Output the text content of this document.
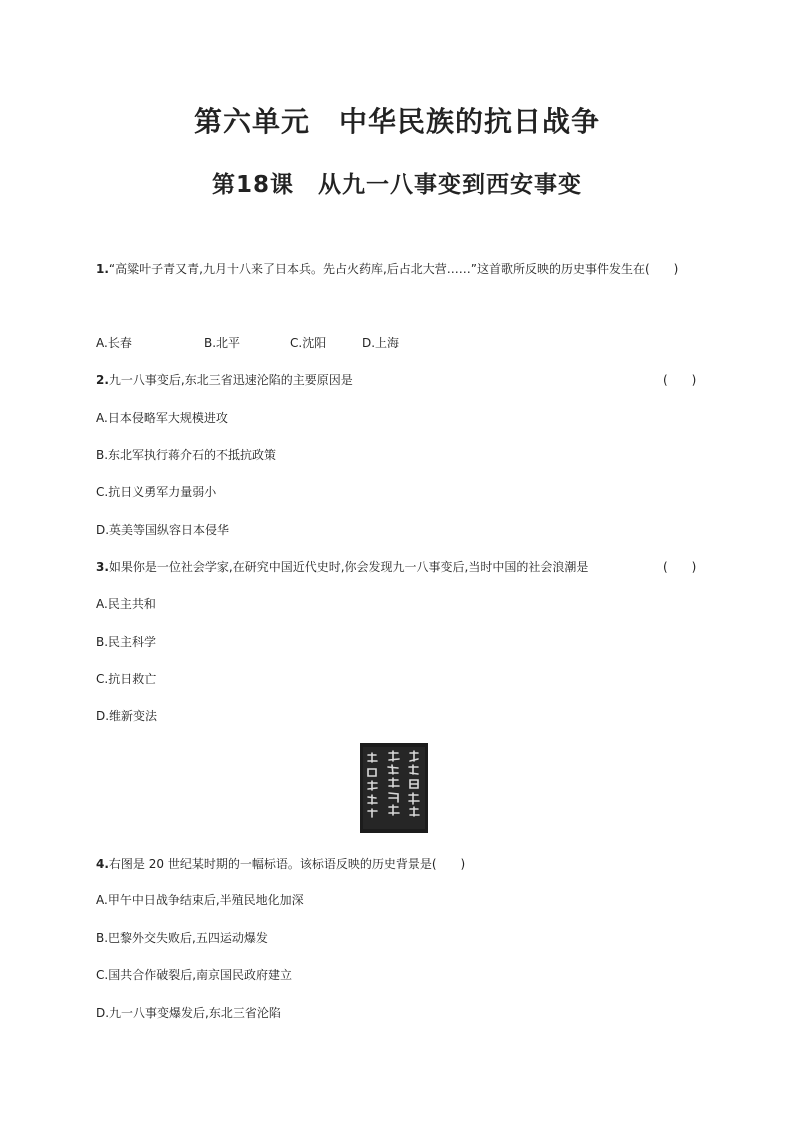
第六单元　中华民族的抗日战争
第18课　从九一八事变到西安事变
1.“高粱叶子青又青,九月十八来了日本兵。先占火药库,后占北大营……”这首歌所反映的历史事件发生在(　　)
A.长春	B.北平	C.沈阳	D.上海
2.九一八事变后,东北三省迅速沦陷的主要原因是	(　　)
A.日本侵略军大规模进攻
B.东北军执行蒋介石的不抵抗政策
C.抗日义勇军力量弱小
D.英美等国纵容日本侵华
3.如果你是一位社会学家,在研究中国近代史时,你会发现九一八事变后,当时中国的社会浪潮是	(　　)
A.民主共和
B.民主科学
C.抗日救亡
D.维新变法
4.右图是 20 世纪某时期的一幅标语。该标语反映的历史背景是(　　)
A.甲午中日战争结束后,半殖民地化加深
B.巴黎外交失败后,五四运动爆发
C.国共合作破裂后,南京国民政府建立
D.九一八事变爆发后,东北三省沦陷
